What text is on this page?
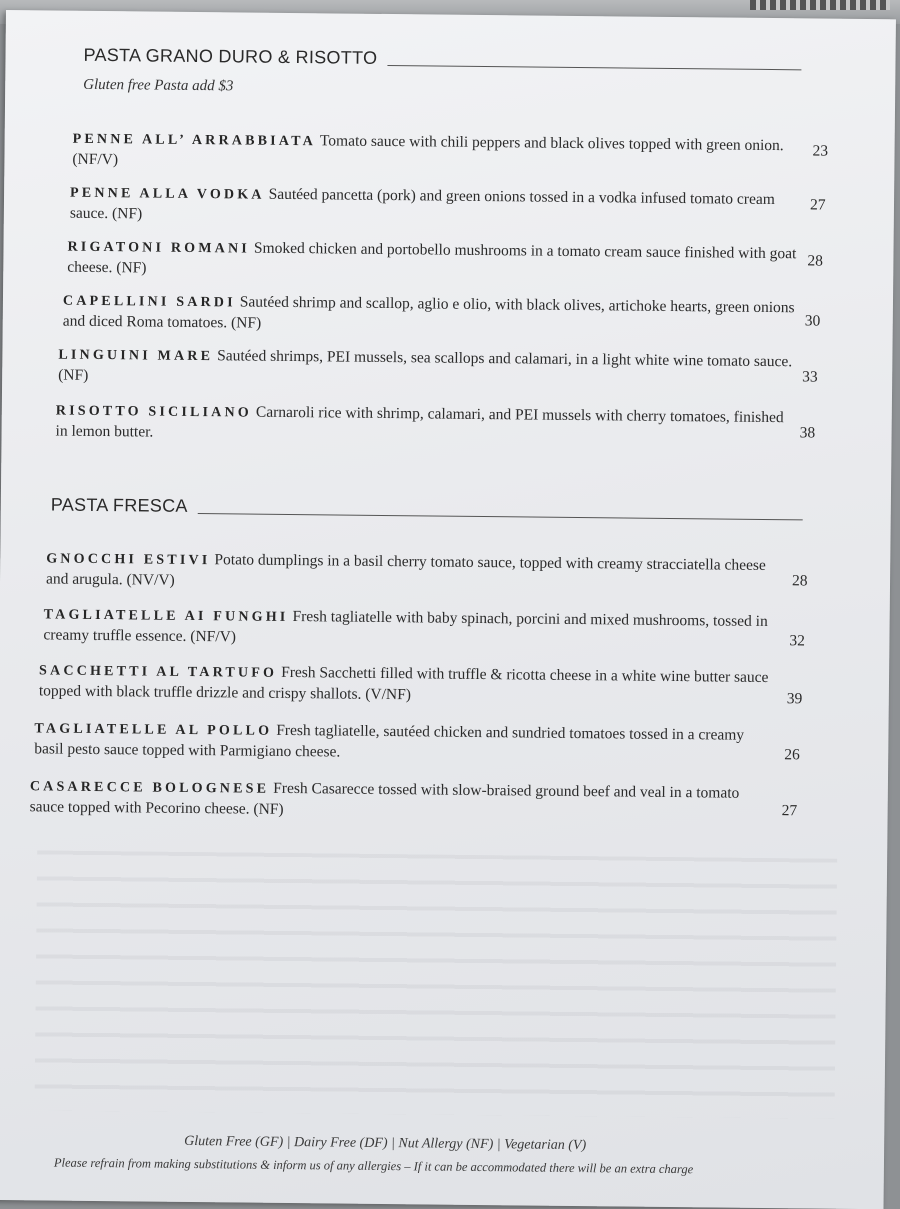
PASTA GRANO DURO & RISOTTO
Gluten free Pasta add $3
PENNE ALL’ ARRABBIATA Tomato sauce with chili peppers and black olives topped with green onion. (NF/V)	23
PENNE ALLA VODKA Sautéed pancetta (pork) and green onions tossed in a vodka infused tomato cream sauce. (NF)	27
RIGATONI ROMANI Smoked chicken and portobello mushrooms in a tomato cream sauce finished with goat cheese. (NF)	28
CAPELLINI SARDI Sautéed shrimp and scallop, aglio e olio, with black olives, artichoke hearts, green onions and diced Roma tomatoes. (NF)	30
LINGUINI MARE Sautéed shrimps, PEI mussels, sea scallops and calamari, in a light white wine tomato sauce. (NF)	33
RISOTTO SICILIANO Carnaroli rice with shrimp, calamari, and PEI mussels with cherry tomatoes, finished in lemon butter.	38
PASTA FRESCA
GNOCCHI ESTIVI Potato dumplings in a basil cherry tomato sauce, topped with creamy stracciatella cheese and arugula. (NV/V)	28
TAGLIATELLE AI FUNGHI Fresh tagliatelle with baby spinach, porcini and mixed mushrooms, tossed in creamy truffle essence. (NF/V)	32
SACCHETTI AL TARTUFO Fresh Sacchetti filled with truffle & ricotta cheese in a white wine butter sauce topped with black truffle drizzle and crispy shallots. (V/NF)	39
TAGLIATELLE AL POLLO Fresh tagliatelle, sautéed chicken and sundried tomatoes tossed in a creamy basil pesto sauce topped with Parmigiano cheese.	26
CASARECCE BOLOGNESE Fresh Casarecce tossed with slow-braised ground beef and veal in a tomato sauce topped with Pecorino cheese. (NF)	27
Gluten Free (GF) | Dairy Free (DF) | Nut Allergy (NF) | Vegetarian (V)
Please refrain from making substitutions & inform us of any allergies – If it can be accommodated there will be an extra charge
